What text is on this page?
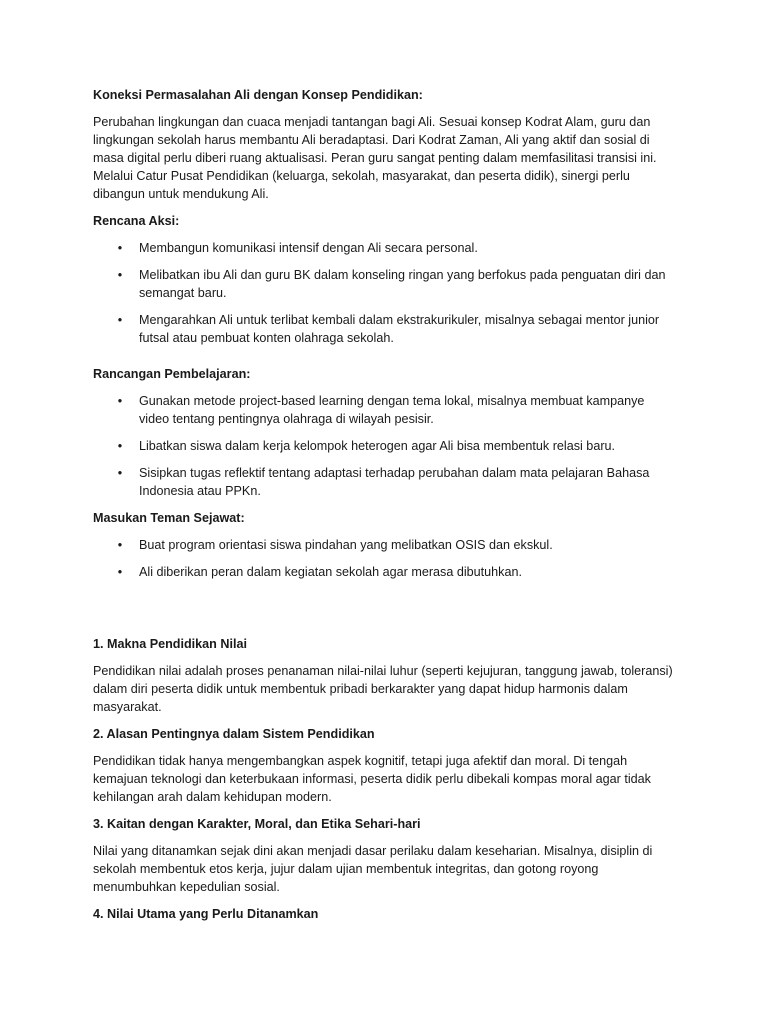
Koneksi Permasalahan Ali dengan Konsep Pendidikan:
Perubahan lingkungan dan cuaca menjadi tantangan bagi Ali. Sesuai konsep Kodrat Alam, guru dan lingkungan sekolah harus membantu Ali beradaptasi. Dari Kodrat Zaman, Ali yang aktif dan sosial di masa digital perlu diberi ruang aktualisasi. Peran guru sangat penting dalam memfasilitasi transisi ini. Melalui Catur Pusat Pendidikan (keluarga, sekolah, masyarakat, dan peserta didik), sinergi perlu dibangun untuk mendukung Ali.
Rencana Aksi:
• Membangun komunikasi intensif dengan Ali secara personal.
• Melibatkan ibu Ali dan guru BK dalam konseling ringan yang berfokus pada penguatan diri dan semangat baru.
• Mengarahkan Ali untuk terlibat kembali dalam ekstrakurikuler, misalnya sebagai mentor junior futsal atau pembuat konten olahraga sekolah.
Rancangan Pembelajaran:
• Gunakan metode project-based learning dengan tema lokal, misalnya membuat kampanye video tentang pentingnya olahraga di wilayah pesisir.
• Libatkan siswa dalam kerja kelompok heterogen agar Ali bisa membentuk relasi baru.
• Sisipkan tugas reflektif tentang adaptasi terhadap perubahan dalam mata pelajaran Bahasa Indonesia atau PPKn.
Masukan Teman Sejawat:
• Buat program orientasi siswa pindahan yang melibatkan OSIS dan ekskul.
• Ali diberikan peran dalam kegiatan sekolah agar merasa dibutuhkan.
1. Makna Pendidikan Nilai
Pendidikan nilai adalah proses penanaman nilai-nilai luhur (seperti kejujuran, tanggung jawab, toleransi) dalam diri peserta didik untuk membentuk pribadi berkarakter yang dapat hidup harmonis dalam masyarakat.
2. Alasan Pentingnya dalam Sistem Pendidikan
Pendidikan tidak hanya mengembangkan aspek kognitif, tetapi juga afektif dan moral. Di tengah kemajuan teknologi dan keterbukaan informasi, peserta didik perlu dibekali kompas moral agar tidak kehilangan arah dalam kehidupan modern.
3. Kaitan dengan Karakter, Moral, dan Etika Sehari-hari
Nilai yang ditanamkan sejak dini akan menjadi dasar perilaku dalam keseharian. Misalnya, disiplin di sekolah membentuk etos kerja, jujur dalam ujian membentuk integritas, dan gotong royong menumbuhkan kepedulian sosial.
4. Nilai Utama yang Perlu Ditanamkan
